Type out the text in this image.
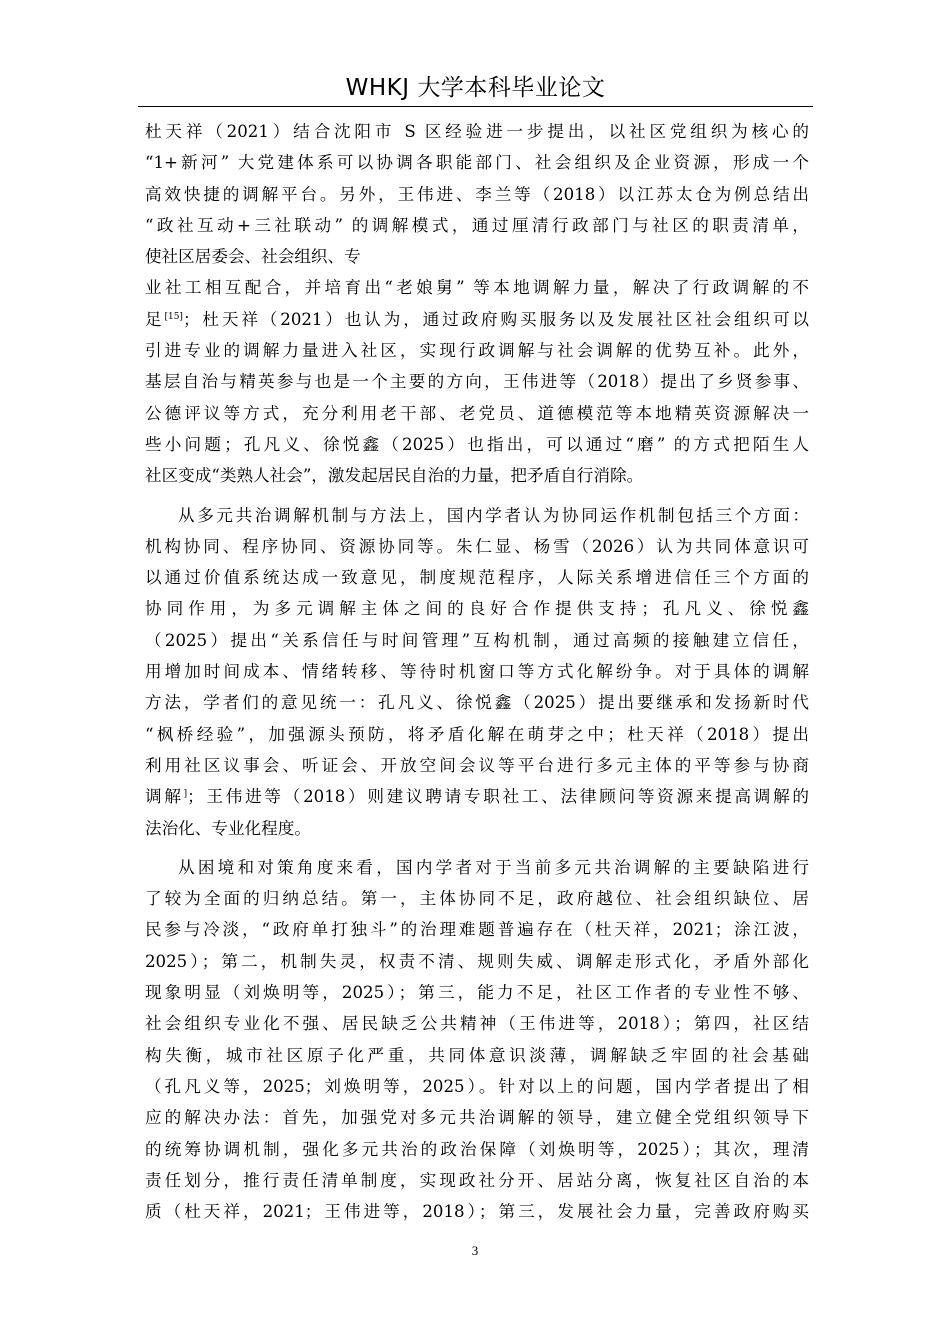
WHKJ 大学本科毕业论文
杜天祥（2021）结合沈阳市 S 区经验进一步提出，以社区党组织为核心的
“1+新河” 大党建体系可以协调各职能部门、社会组织及企业资源，形成一个
高效快捷的调解平台。另外，王伟进、李兰等（2018）以江苏太仓为例总结出
“政社互动+三社联动” 的调解模式，通过厘清行政部门与社区的职责清单，
使社区居委会、社会组织、专
业社工相互配合，并培育出“老娘舅” 等本地调解力量，解决了行政调解的不
足[15]；杜天祥（2021）也认为，通过政府购买服务以及发展社区社会组织可以
引进专业的调解力量进入社区，实现行政调解与社会调解的优势互补。此外，
基层自治与精英参与也是一个主要的方向，王伟进等（2018）提出了乡贤参事、
公德评议等方式，充分利用老干部、老党员、道德模范等本地精英资源解决一
些小问题；孔凡义、徐悦鑫（2025）也指出，可以通过“磨” 的方式把陌生人
社区变成“类熟人社会”，激发起居民自治的力量，把矛盾自行消除。
从多元共治调解机制与方法上，国内学者认为协同运作机制包括三个方面：
机构协同、程序协同、资源协同等。朱仁显、杨雪（2026）认为共同体意识可
以通过价值系统达成一致意见，制度规范程序，人际关系增进信任三个方面的
协同作用，为多元调解主体之间的良好合作提供支持；孔凡义、徐悦鑫
（2025）提出“关系信任与时间管理”互构机制，通过高频的接触建立信任，
用增加时间成本、情绪转移、等待时机窗口等方式化解纷争。对于具体的调解
方法，学者们的意见统一：孔凡义、徐悦鑫（2025）提出要继承和发扬新时代
“枫桥经验”，加强源头预防，将矛盾化解在萌芽之中；杜天祥（2018）提出
利用社区议事会、听证会、开放空间会议等平台进行多元主体的平等参与协商
调解]；王伟进等（2018）则建议聘请专职社工、法律顾问等资源来提高调解的
法治化、专业化程度。
从困境和对策角度来看，国内学者对于当前多元共治调解的主要缺陷进行
了较为全面的归纳总结。第一，主体协同不足，政府越位、社会组织缺位、居
民参与冷淡，“政府单打独斗”的治理难题普遍存在（杜天祥，2021；涂江波，
2025）；第二，机制失灵，权责不清、规则失威、调解走形式化，矛盾外部化
现象明显（刘焕明等，2025）；第三，能力不足，社区工作者的专业性不够、
社会组织专业化不强、居民缺乏公共精神（王伟进等，2018）；第四，社区结
构失衡，城市社区原子化严重，共同体意识淡薄，调解缺乏牢固的社会基础
（孔凡义等，2025；刘焕明等，2025）。针对以上的问题，国内学者提出了相
应的解决办法：首先，加强党对多元共治调解的领导，建立健全党组织领导下
的统筹协调机制，强化多元共治的政治保障（刘焕明等，2025）；其次，理清
责任划分，推行责任清单制度，实现政社分开、居站分离，恢复社区自治的本
质（杜天祥，2021；王伟进等，2018）；第三，发展社会力量，完善政府购买
3
